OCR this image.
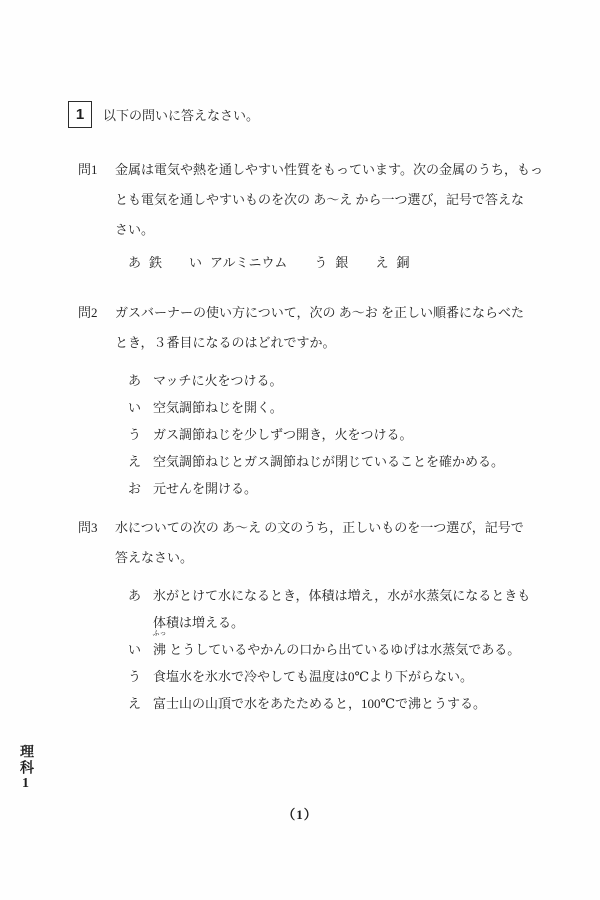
1 以下の問いに答えなさい。
問1	金属は電気や熱を通しやすい性質をもっています。次の金属のうち，もっ
とも電気を通しやすいものを次の あ～え から一つ選び，記号で答えな
さい。
あ 鉄 い アルミニウム う 銀 え 銅
問2	ガスバーナーの使い方について，次の あ～お を正しい順番にならべた
とき，３番目になるのはどれですか。
あ マッチに火をつける。
い 空気調節ねじを開く。
う ガス調節ねじを少しずつ開き，火をつける。
え 空気調節ねじとガス調節ねじが閉じていることを確かめる。
お 元せんを開ける。
問3	水についての次の あ～え の文のうち，正しいものを一つ選び，記号で
答えなさい。
あ 氷がとけて水になるとき，体積は増え，水が水蒸気になるときも
体積は増える。
い
ふっ
沸 とうしているやかんの口から出ているゆげは水蒸気である。
う 食塩水を氷水で冷やしても温度は0℃より下がらない。
え 富士山の山頂で水をあたためると，100℃で沸とうする。
理科1
（1）
